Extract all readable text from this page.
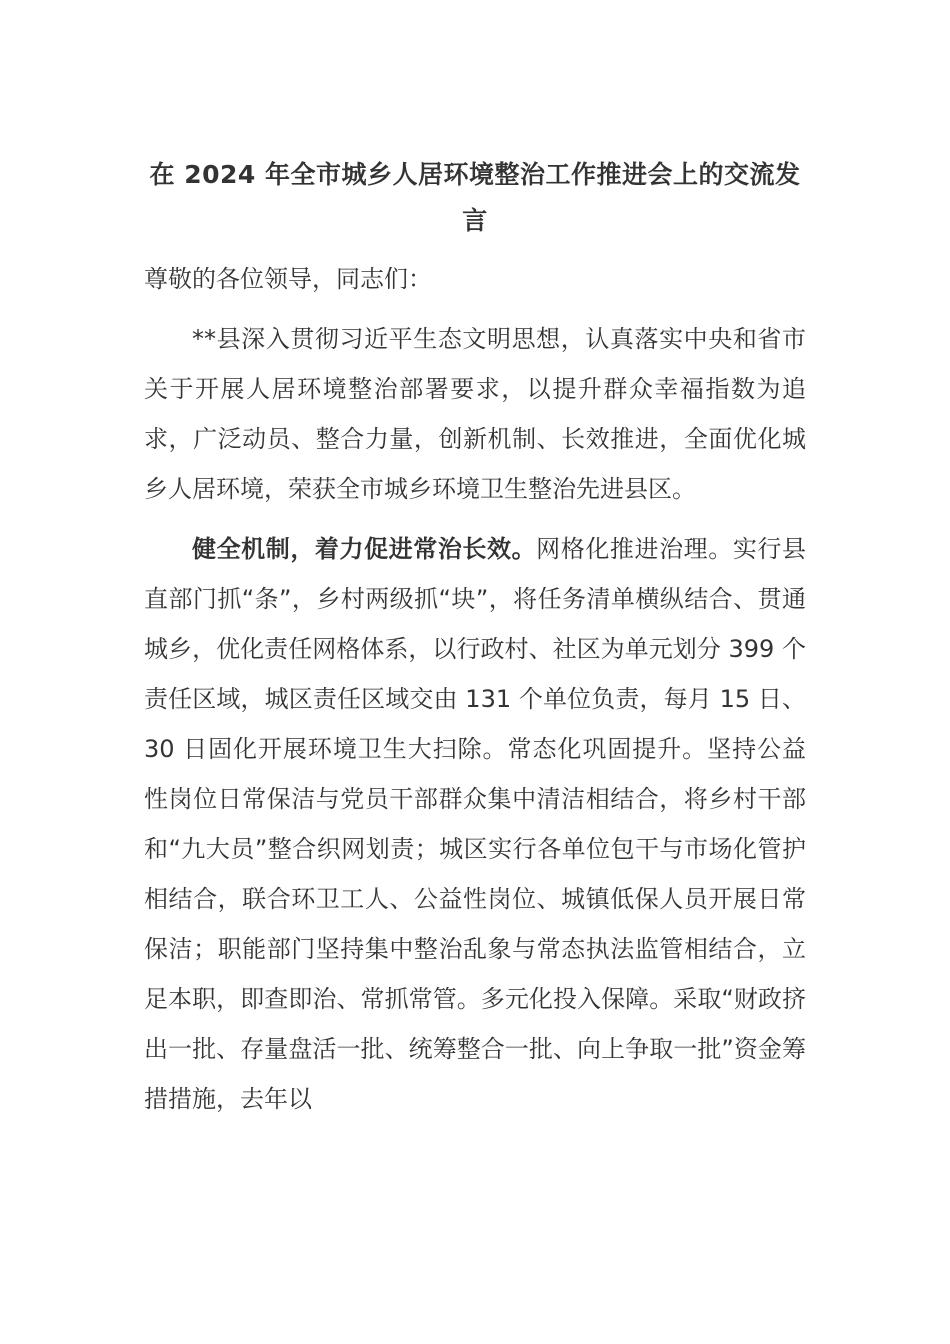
在 2024 年全市城乡人居环境整治工作推进会上的交流发言

尊敬的各位领导，同志们：

**县深入贯彻习近平生态文明思想，认真落实中央和省市关于开展人居环境整治部署要求，以提升群众幸福指数为追求，广泛动员、整合力量，创新机制、长效推进，全面优化城乡人居环境，荣获全市城乡环境卫生整治先进县区。

健全机制，着力促进常治长效。网格化推进治理。实行县直部门抓“条”，乡村两级抓“块”，将任务清单横纵结合、贯通城乡，优化责任网格体系，以行政村、社区为单元划分 399 个责任区域，城区责任区域交由 131 个单位负责，每月 15 日、30 日固化开展环境卫生大扫除。常态化巩固提升。坚持公益性岗位日常保洁与党员干部群众集中清洁相结合，将乡村干部和“九大员”整合织网划责；城区实行各单位包干与市场化管护相结合，联合环卫工人、公益性岗位、城镇低保人员开展日常保洁；职能部门坚持集中整治乱象与常态执法监管相结合，立足本职，即查即治、常抓常管。多元化投入保障。采取“财政挤出一批、存量盘活一批、统筹整合一批、向上争取一批”资金筹措措施，去年以
